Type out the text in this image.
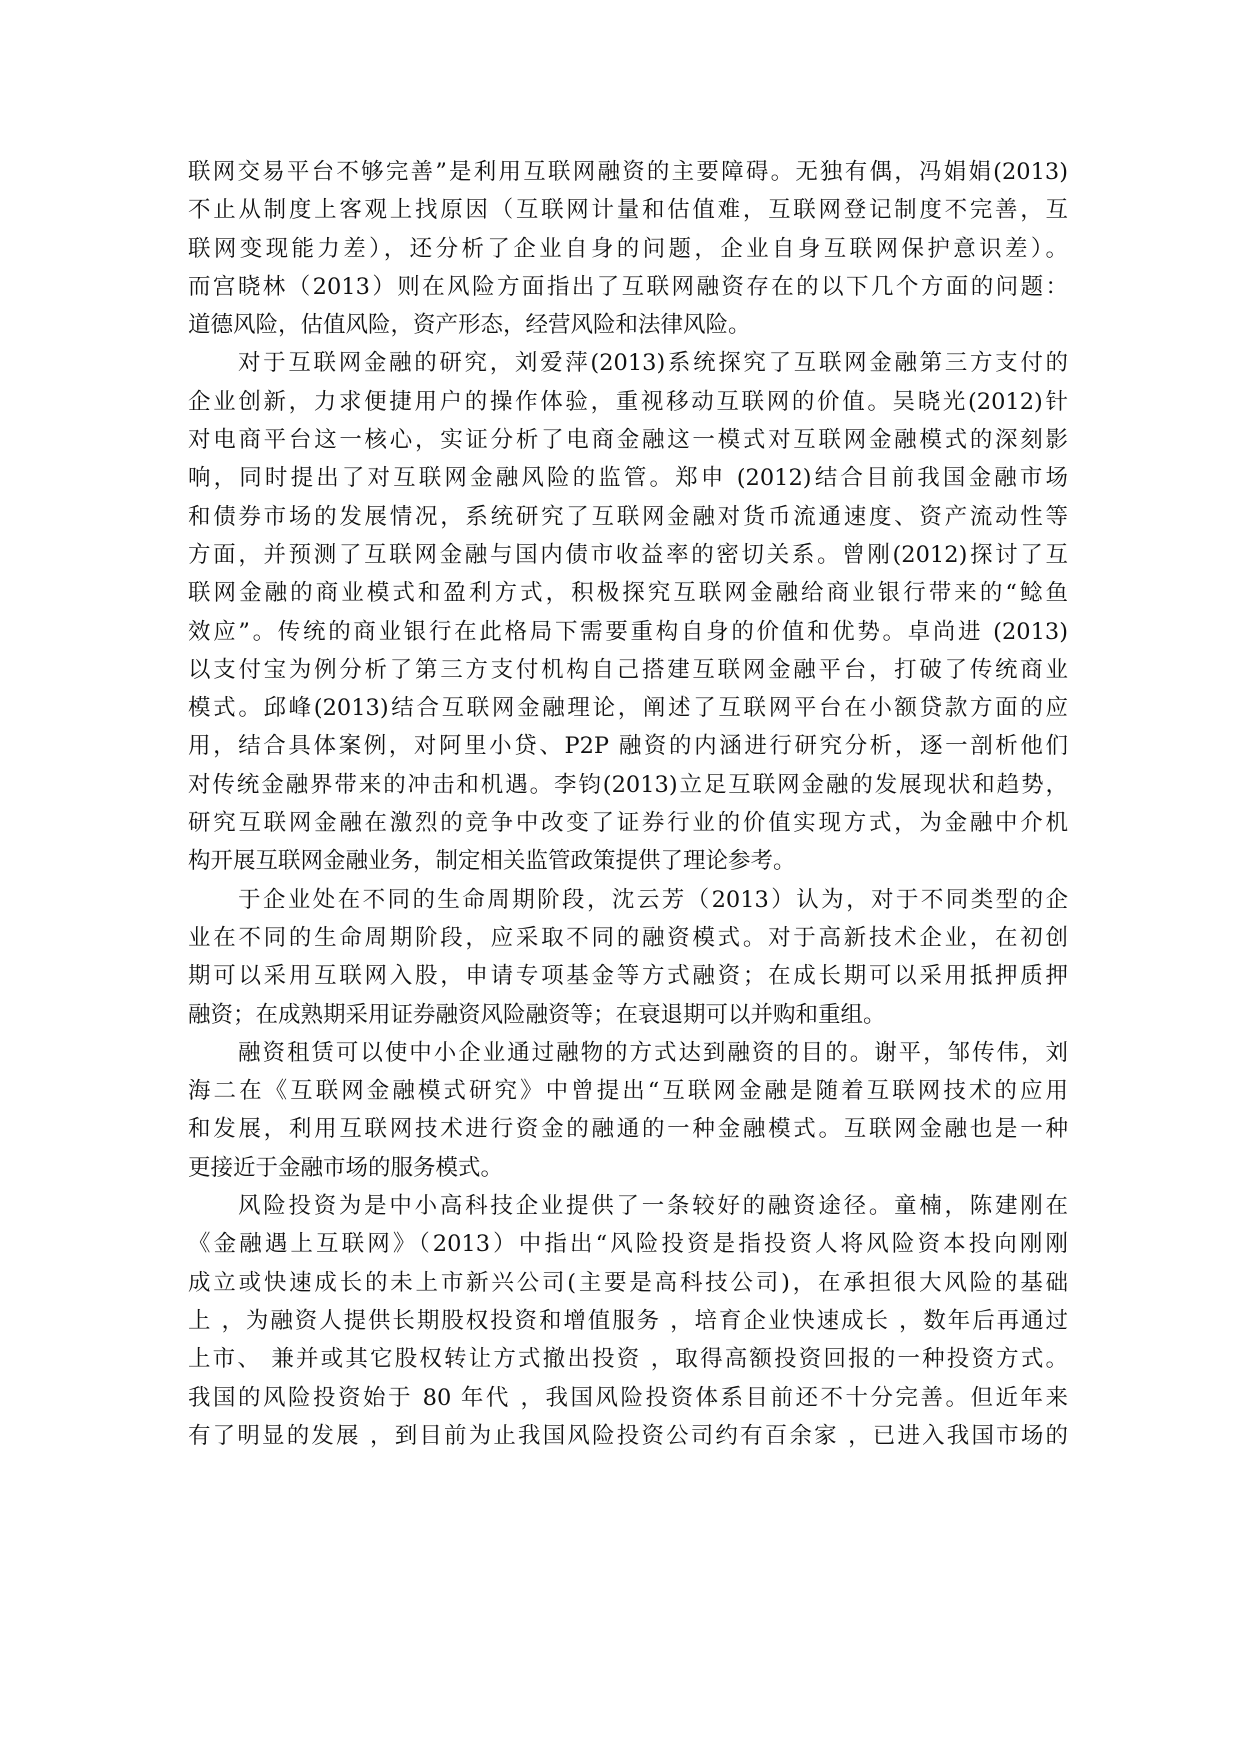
联网交易平台不够完善”是利用互联网融资的主要障碍。无独有偶，冯娟娟(2013)
不止从制度上客观上找原因（互联网计量和估值难，互联网登记制度不完善，互
联网变现能力差），还分析了企业自身的问题，企业自身互联网保护意识差）。
而宫晓林（2013）则在风险方面指出了互联网融资存在的以下几个方面的问题：
道德风险，估值风险，资产形态，经营风险和法律风险。
对于互联网金融的研究，刘爱萍(2013)系统探究了互联网金融第三方支付的
企业创新，力求便捷用户的操作体验，重视移动互联网的价值。吴晓光(2012)针
对电商平台这一核心，实证分析了电商金融这一模式对互联网金融模式的深刻影
响，同时提出了对互联网金融风险的监管。郑申 (2012)结合目前我国金融市场
和债券市场的发展情况，系统研究了互联网金融对货币流通速度、资产流动性等
方面，并预测了互联网金融与国内债市收益率的密切关系。曾刚(2012)探讨了互
联网金融的商业模式和盈利方式，积极探究互联网金融给商业银行带来的“鲶鱼
效应”。传统的商业银行在此格局下需要重构自身的价值和优势。卓尚进 (2013)
以支付宝为例分析了第三方支付机构自己搭建互联网金融平台，打破了传统商业
模式。邱峰(2013)结合互联网金融理论，阐述了互联网平台在小额贷款方面的应
用，结合具体案例，对阿里小贷、P2P 融资的内涵进行研究分析，逐一剖析他们
对传统金融界带来的冲击和机遇。李钧(2013)立足互联网金融的发展现状和趋势，
研究互联网金融在激烈的竞争中改变了证券行业的价值实现方式，为金融中介机
构开展互联网金融业务，制定相关监管政策提供了理论参考。
于企业处在不同的生命周期阶段，沈云芳（2013）认为，对于不同类型的企
业在不同的生命周期阶段，应采取不同的融资模式。对于高新技术企业，在初创
期可以采用互联网入股，申请专项基金等方式融资；在成长期可以采用抵押质押
融资；在成熟期采用证券融资风险融资等；在衰退期可以并购和重组。
融资租赁可以使中小企业通过融物的方式达到融资的目的。谢平，邹传伟，刘
海二在《互联网金融模式研究》中曾提出“互联网金融是随着互联网技术的应用
和发展，利用互联网技术进行资金的融通的一种金融模式。互联网金融也是一种
更接近于金融市场的服务模式。
风险投资为是中小高科技企业提供了一条较好的融资途径。童楠，陈建刚在
《金融遇上互联网》（2013）中指出“风险投资是指投资人将风险资本投向刚刚
成立或快速成长的未上市新兴公司(主要是高科技公司)，在承担很大风险的基础
上 ，为融资人提供长期股权投资和增值服务 ，培育企业快速成长 ，数年后再通过
上市、 兼并或其它股权转让方式撤出投资 ，取得高额投资回报的一种投资方式。
我国的风险投资始于 80 年代 ，我国风险投资体系目前还不十分完善。但近年来
有了明显的发展 ，到目前为止我国风险投资公司约有百余家 ，已进入我国市场的
